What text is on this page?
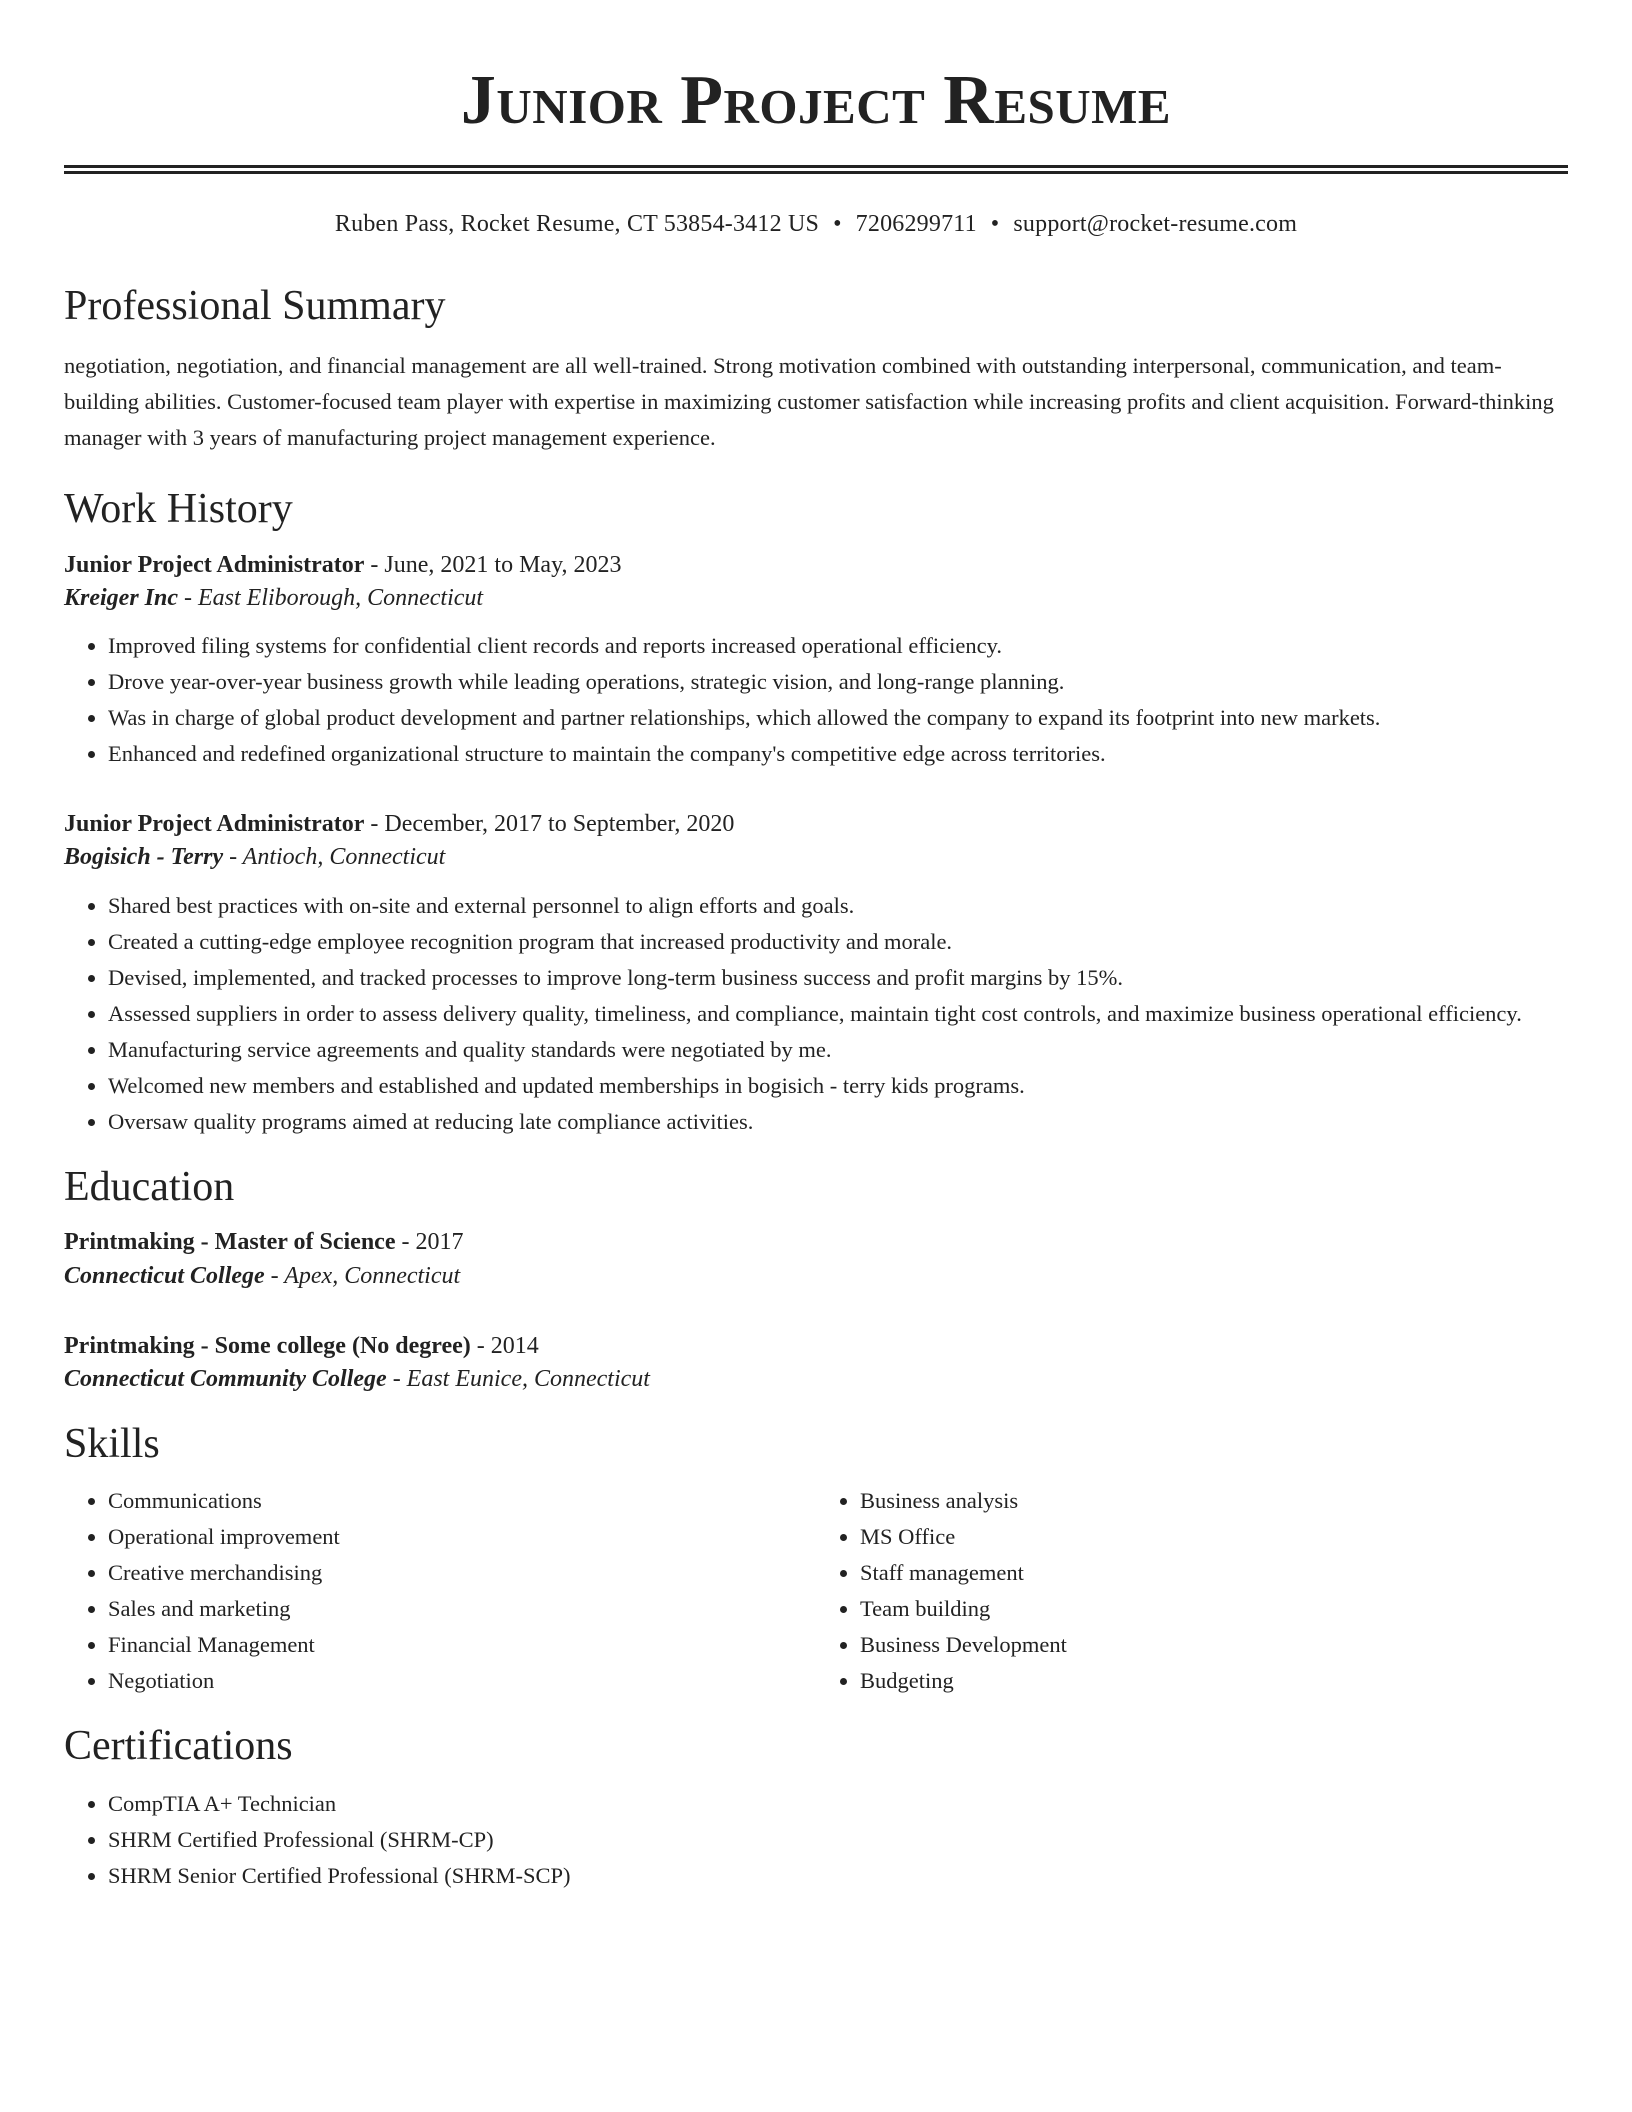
Junior Project Resume
Ruben Pass, Rocket Resume, CT 53854-3412 US • 7206299711 • support@rocket-resume.com
Professional Summary

negotiation, negotiation, and financial management are all well-trained. Strong motivation combined with outstanding interpersonal, communication, and team-building abilities. Customer-focused team player with expertise in maximizing customer satisfaction while increasing profits and client acquisition. Forward-thinking manager with 3 years of manufacturing project management experience.

Work History
Junior Project Administrator - June, 2021 to May, 2023
Kreiger Inc - East Eliborough, Connecticut
• Improved filing systems for confidential client records and reports increased operational efficiency.
• Drove year-over-year business growth while leading operations, strategic vision, and long-range planning.
• Was in charge of global product development and partner relationships, which allowed the company to expand its footprint into new markets.
• Enhanced and redefined organizational structure to maintain the company's competitive edge across territories.
Junior Project Administrator - December, 2017 to September, 2020
Bogisich - Terry - Antioch, Connecticut
• Shared best practices with on-site and external personnel to align efforts and goals.
• Created a cutting-edge employee recognition program that increased productivity and morale.
• Devised, implemented, and tracked processes to improve long-term business success and profit margins by 15%.
• Assessed suppliers in order to assess delivery quality, timeliness, and compliance, maintain tight cost controls, and maximize business operational efficiency.
• Manufacturing service agreements and quality standards were negotiated by me.
• Welcomed new members and established and updated memberships in bogisich - terry kids programs.
• Oversaw quality programs aimed at reducing late compliance activities.
Education
Printmaking - Master of Science - 2017
Connecticut College - Apex, Connecticut
Printmaking - Some college (No degree) - 2014
Connecticut Community College - East Eunice, Connecticut
Skills
• Communications
• Operational improvement
• Creative merchandising
• Sales and marketing
• Financial Management
• Negotiation
• Business analysis
• MS Office
• Staff management
• Team building
• Business Development
• Budgeting
Certifications
• CompTIA A+ Technician
• SHRM Certified Professional (SHRM-CP)
• SHRM Senior Certified Professional (SHRM-SCP)
